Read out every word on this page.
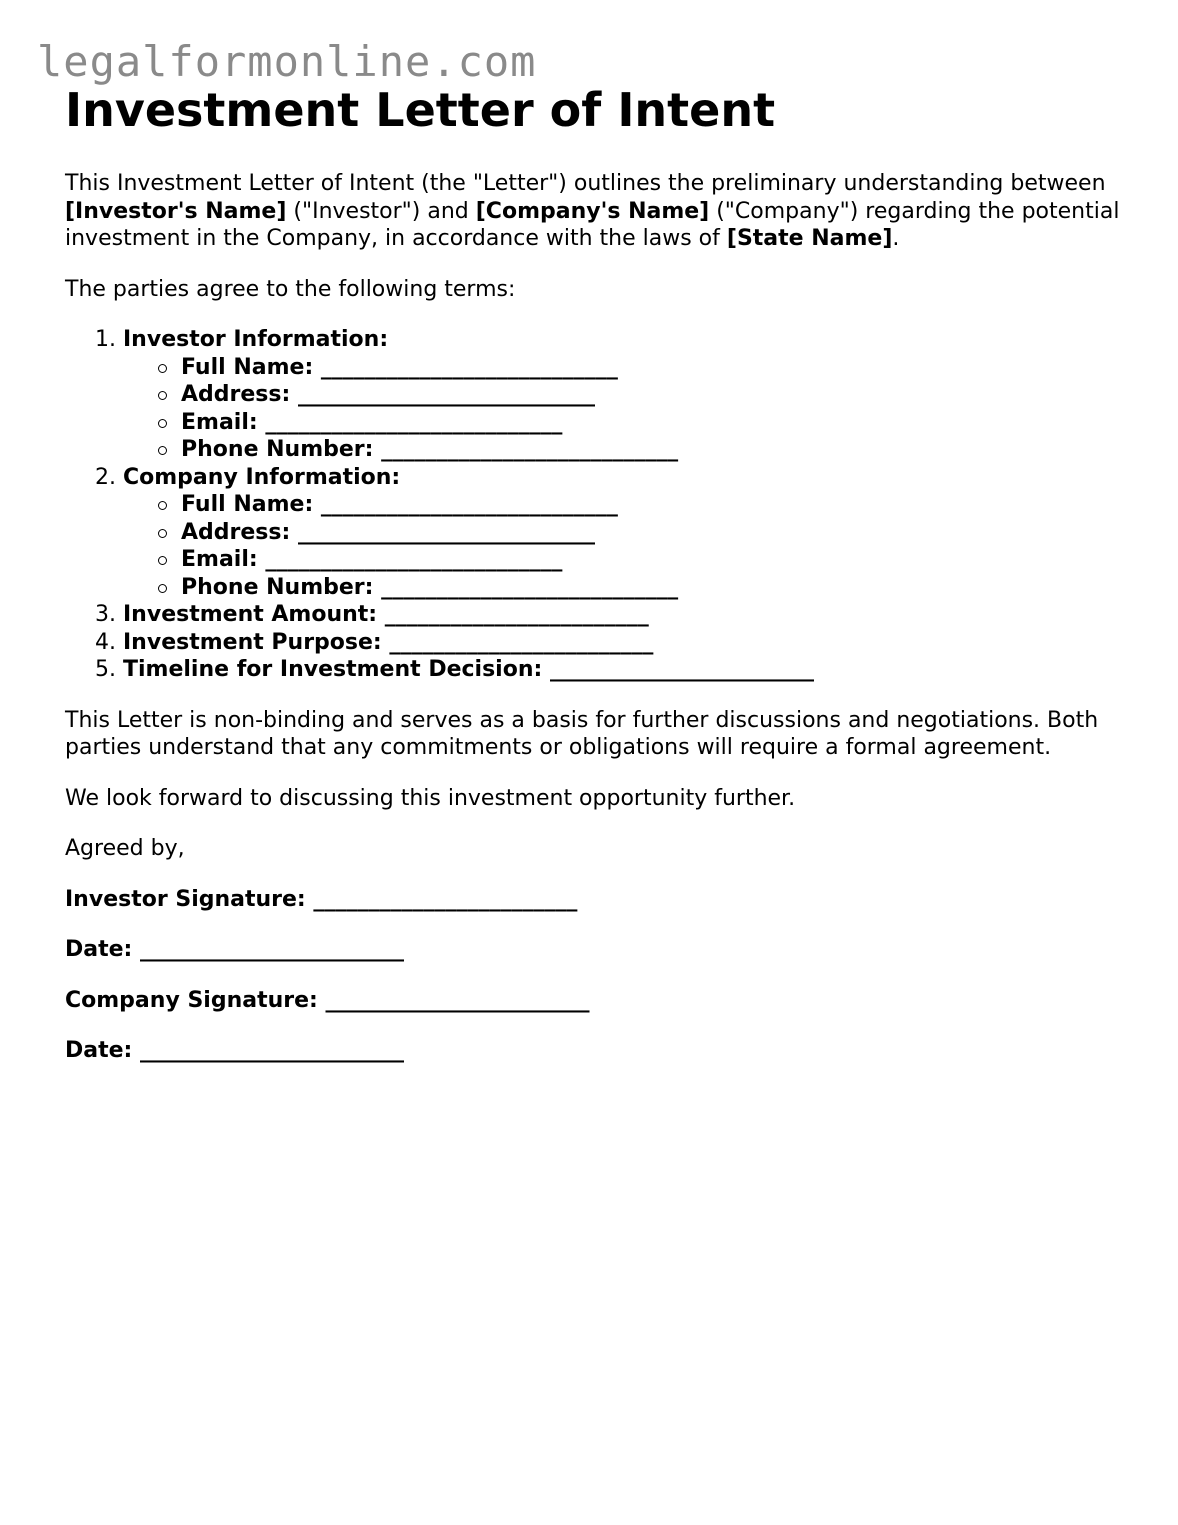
legalformonline.com
Investment Letter of Intent

This Investment Letter of Intent (the "Letter") outlines the preliminary understanding between [Investor's Name] ("Investor") and [Company's Name] ("Company") regarding the potential investment in the Company, in accordance with the laws of [State Name].

The parties agree to the following terms:

1. Investor Information:
Full Name: ___________________________
Address: ___________________________
Email: ___________________________
Phone Number: ___________________________
2. Company Information:
Full Name: ___________________________
Address: ___________________________
Email: ___________________________
Phone Number: ___________________________
3. Investment Amount: ________________________
4. Investment Purpose: ________________________
5. Timeline for Investment Decision: ________________________

This Letter is non-binding and serves as a basis for further discussions and negotiations. Both parties understand that any commitments or obligations will require a formal agreement.

We look forward to discussing this investment opportunity further.

Agreed by,

Investor Signature: ________________________

Date: ________________________

Company Signature: ________________________

Date: ________________________
